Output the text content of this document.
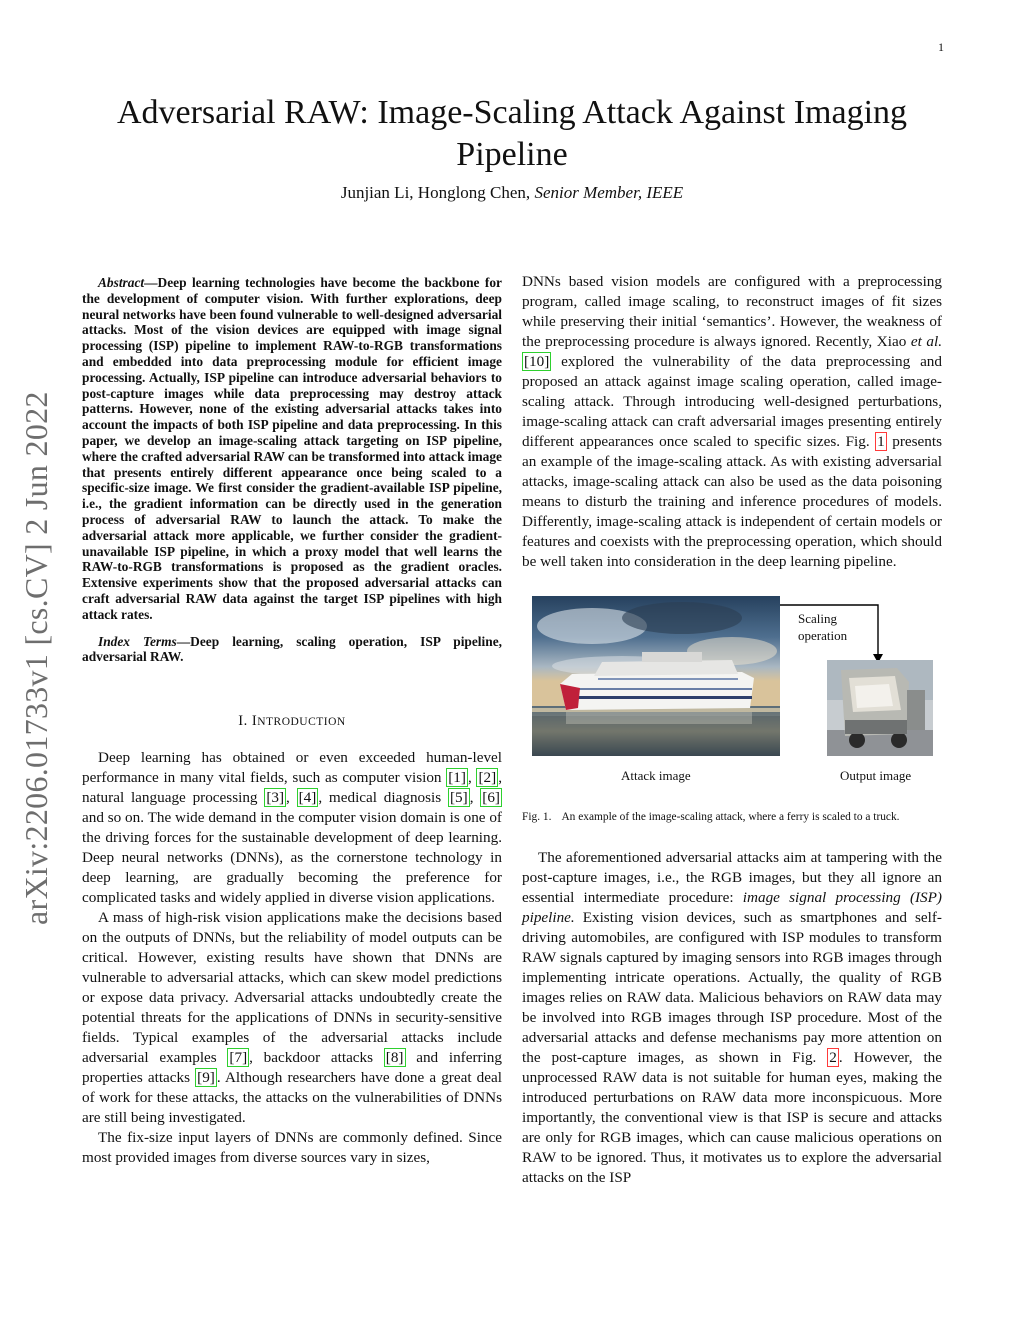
1
arXiv:2206.01733v1 [cs.CV] 2 Jun 2022
Adversarial RAW: Image-Scaling Attack Against Imaging Pipeline
Junjian Li, Honglong Chen, Senior Member, IEEE

Abstract—Deep learning technologies have become the backbone for the development of computer vision. With further explorations, deep neural networks have been found vulnerable to well-designed adversarial attacks. Most of the vision devices are equipped with image signal processing (ISP) pipeline to implement RAW-to-RGB transformations and embedded into data preprocessing module for efficient image processing. Actually, ISP pipeline can introduce adversarial behaviors to post-capture images while data preprocessing may destroy attack patterns. However, none of the existing adversarial attacks takes into account the impacts of both ISP pipeline and data preprocessing. In this paper, we develop an image-scaling attack targeting on ISP pipeline, where the crafted adversarial RAW can be transformed into attack image that presents entirely different appearance once being scaled to a specific-size image. We first consider the gradient-available ISP pipeline, i.e., the gradient information can be directly used in the generation process of adversarial RAW to launch the attack. To make the adversarial attack more applicable, we further consider the gradient-unavailable ISP pipeline, in which a proxy model that well learns the RAW-to-RGB transformations is proposed as the gradient oracles. Extensive experiments show that the proposed adversarial attacks can craft adversarial RAW data against the target ISP pipelines with high attack rates.

Index Terms—Deep learning, scaling operation, ISP pipeline, adversarial RAW.

I. INTRODUCTION

Deep learning has obtained or even exceeded human-level performance in many vital fields, such as computer vision [1] , [2] , natural language processing [3] , [4] , medical diagnosis [5] , [6] and so on. The wide demand in the computer vision domain is one of the driving forces for the sustainable development of deep learning. Deep neural networks (DNNs), as the cornerstone technology in deep learning, are gradually becoming the preference for complicated tasks and widely applied in diverse vision applications.

A mass of high-risk vision applications make the decisions based on the outputs of DNNs, but the reliability of model outputs can be critical. However, existing results have shown that DNNs are vulnerable to adversarial attacks, which can skew model predictions or expose data privacy. Adversarial attacks undoubtedly create the potential threats for the applications of DNNs in security-sensitive fields. Typical examples of the adversarial attacks include adversarial examples [7] , backdoor attacks [8] and inferring properties attacks [9] . Although researchers have done a great deal of work for these attacks, the attacks on the vulnerabilities of DNNs are still being investigated.

The fix-size input layers of DNNs are commonly defined. Since most provided images from diverse sources vary in sizes,

DNNs based vision models are configured with a preprocessing program, called image scaling, to reconstruct images of fit sizes while preserving their initial ‘semantics’. However, the weakness of the preprocessing procedure is always ignored. Recently, Xiao et al. [10] explored the vulnerability of the data preprocessing and proposed an attack against image scaling operation, called image-scaling attack. Through introducing well-designed perturbations, image-scaling attack can craft adversarial images presenting entirely different appearances once scaled to specific sizes. Fig. 1 presents an example of the image-scaling attack. As with existing adversarial attacks, image-scaling attack can also be used as the data poisoning means to disturb the training and inference procedures of models. Differently, image-scaling attack is independent of certain models or features and coexists with the preprocessing operation, which should be well taken into consideration in the deep learning pipeline.

Scaling operation
Attack image	Output image

Fig. 1. An example of the image-scaling attack, where a ferry is scaled to a truck.

The aforementioned adversarial attacks aim at tampering with the post-capture images, i.e., the RGB images, but they all ignore an essential intermediate procedure: image signal processing (ISP) pipeline. Existing vision devices, such as smartphones and self-driving automobiles, are configured with ISP modules to transform RAW signals captured by imaging sensors into RGB images through implementing intricate operations. Actually, the quality of RGB images relies on RAW data. Malicious behaviors on RAW data may be involved into RGB images through ISP procedure. Most of the adversarial attacks and defense mechanisms pay more attention on the post-capture images, as shown in Fig. 2 . However, the unprocessed RAW data is not suitable for human eyes, making the introduced perturbations on RAW data more inconspicuous. More importantly, the conventional view is that ISP is secure and attacks are only for RGB images, which can cause malicious operations on RAW to be ignored. Thus, it motivates us to explore the adversarial attacks on the ISP
